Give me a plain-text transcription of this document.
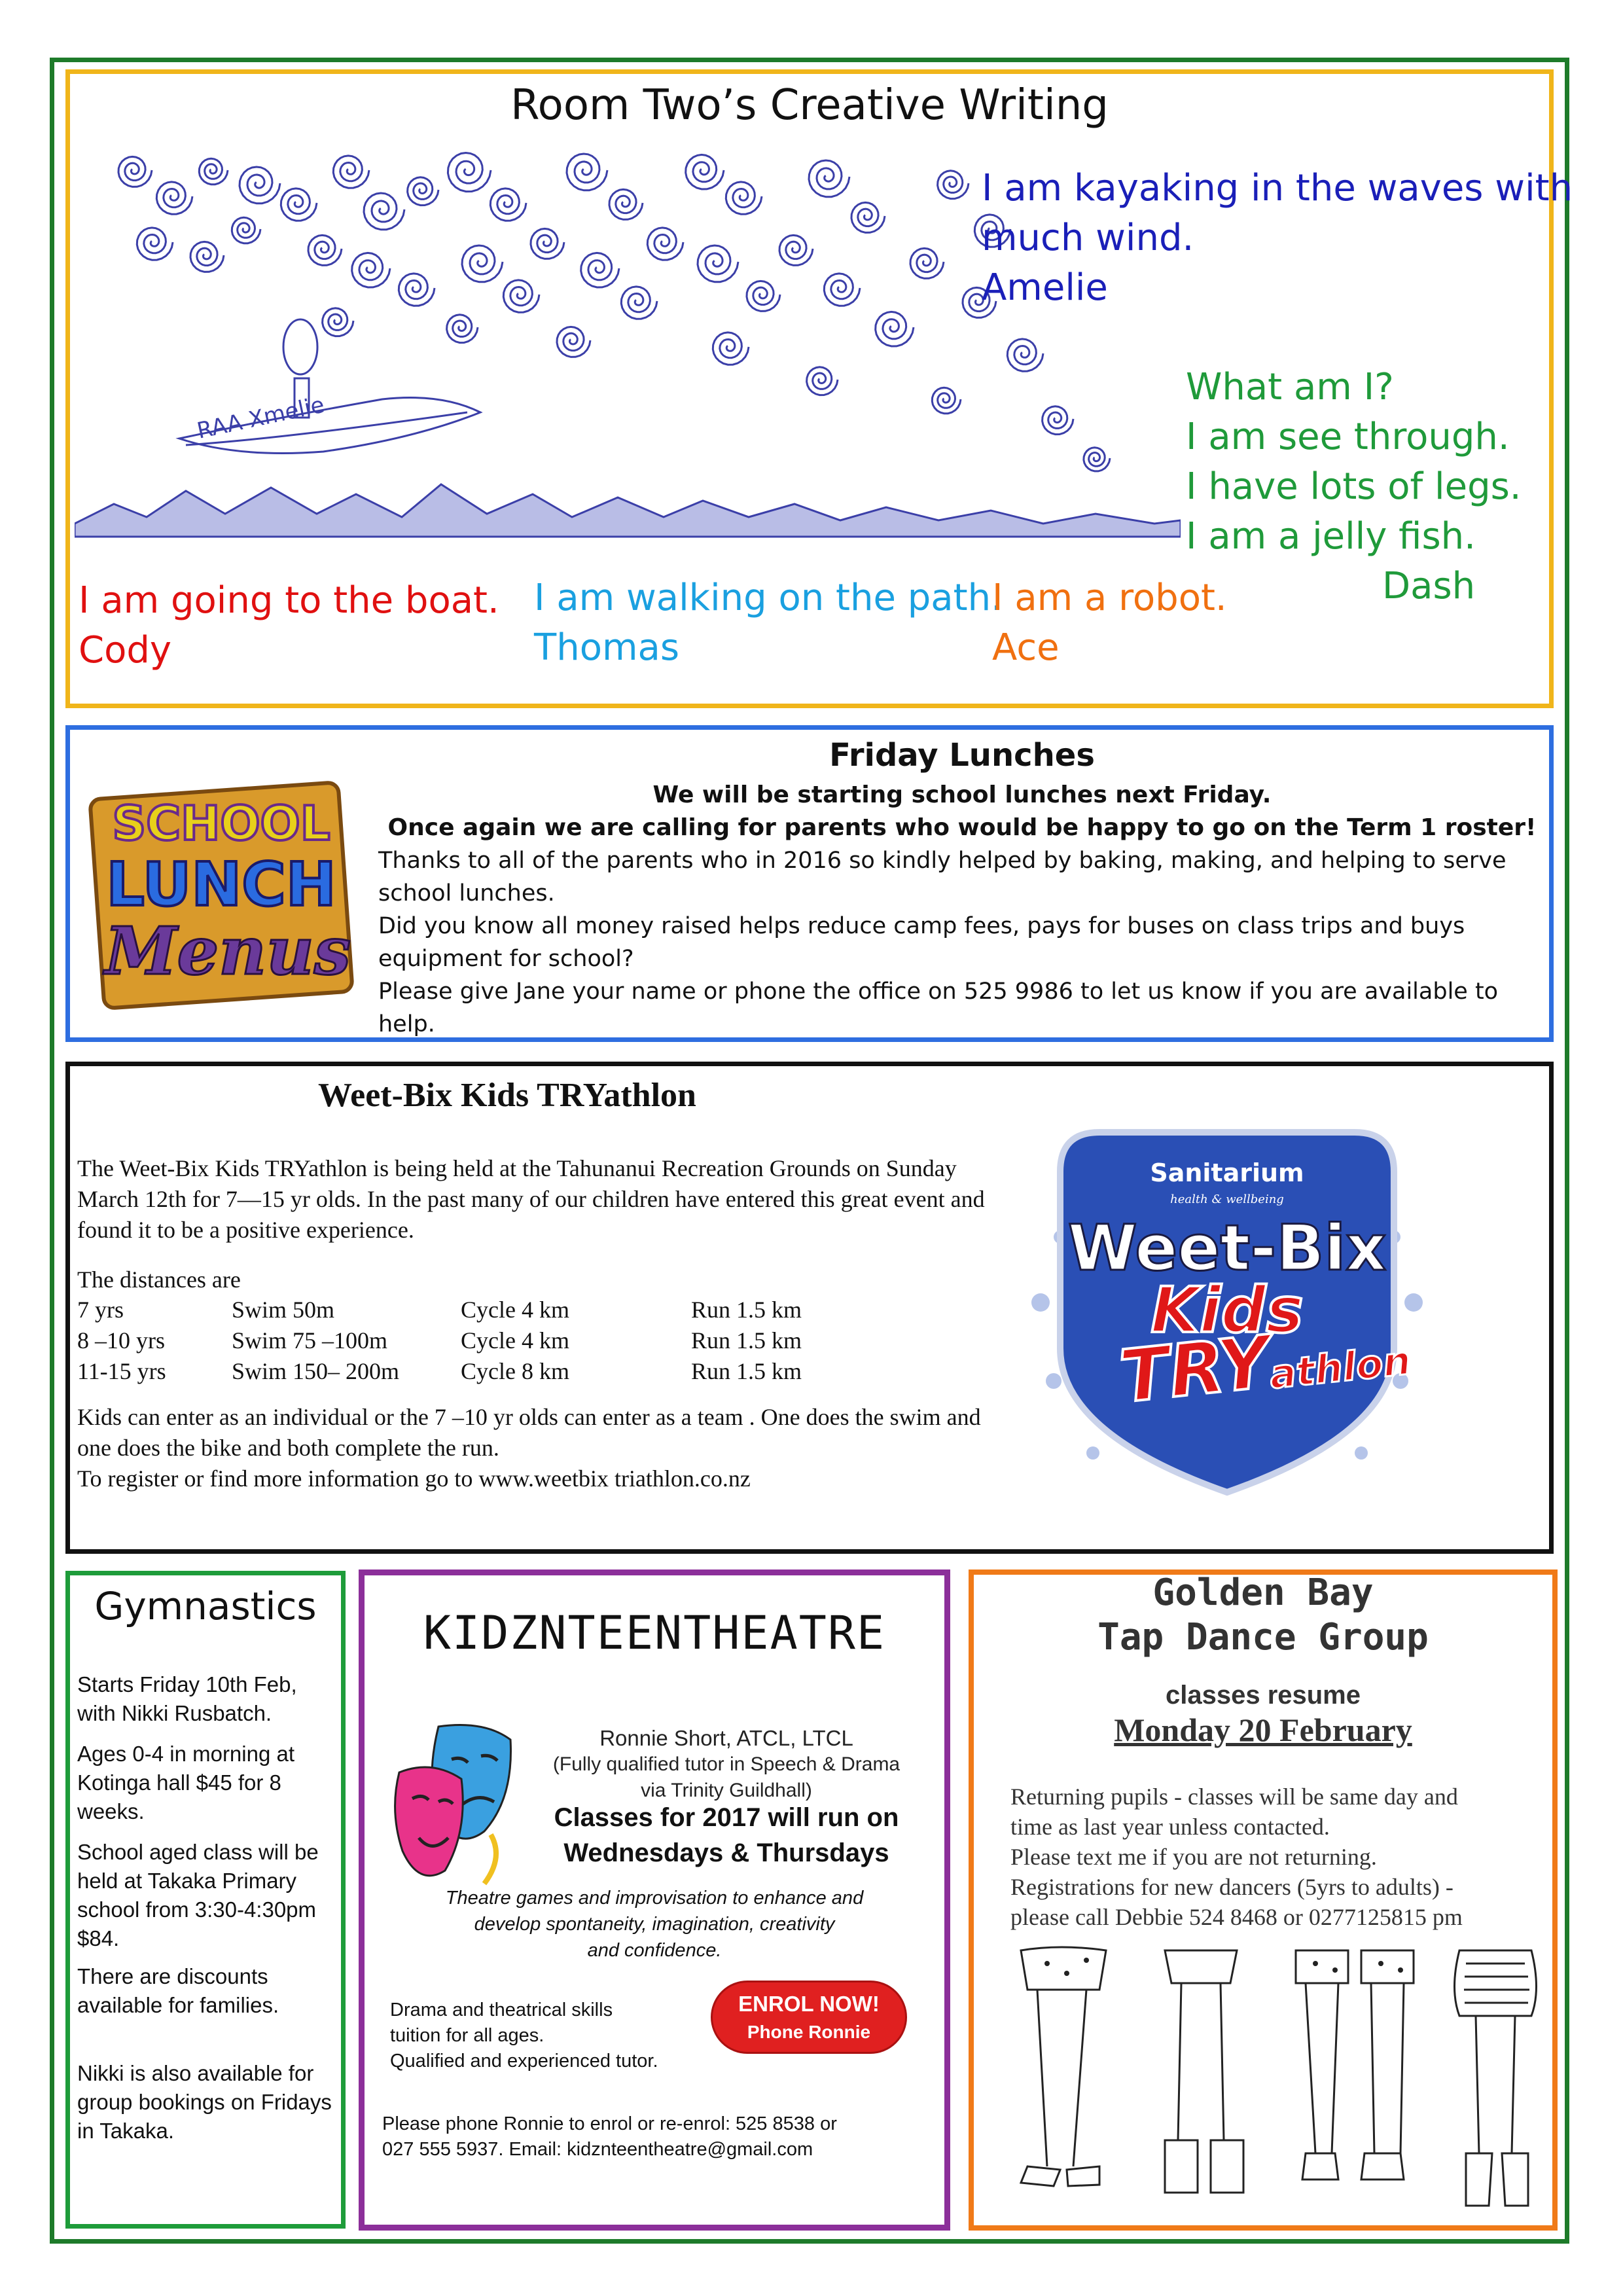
Room Two’s Creative Writing
RAA Xmelie
I am kayaking in the waves with
much wind.
Amelie
What am I?
I am see through.
I have lots of legs.
I am a jelly fish.
Dash
I am going to the boat.
Cody
I am walking on the path.
Thomas
I am a robot.
Ace
SCHOOL
LUNCH
Menus
Friday Lunches
We will be starting school lunches next Friday.
Once again we are calling for parents who would be happy to go on the Term 1 roster!

Thanks to all of the parents who in 2016 so kindly helped by baking, making, and helping to serve school lunches.

Did you know all money raised helps reduce camp fees, pays for buses on class trips and buys equipment for school?

Please give Jane your name or phone the office on 525 9986 to let us know if you are available to help.

Weet-Bix Kids TRYathlon
The Weet-Bix Kids TRYathlon is being held at the Tahunanui Recreation Grounds on Sunday March 12th for 7—15 yr olds. In the past many of our children have entered this great event and found it to be a positive experience.
The distances are
7 yrs	Swim 50m	Cycle 4 km	Run 1.5 km
8 –10 yrs	Swim 75 –100m	Cycle 4 km	Run 1.5 km
11-15 yrs	Swim 150– 200m	Cycle 8 km	Run 1.5 km
Kids can enter as an individual or the 7 –10 yr olds can enter as a team . One does the swim and one does the bike and both complete the run.
To register or find more information go to www.weetbix triathlon.co.nz
Sanitarium
health & wellbeing
Weet-Bix
Kids
TRY
athlon
Gymnastics
Starts Friday 10th Feb, with Nikki Rusbatch.
Ages 0-4 in morning at Kotinga hall $45 for 8 weeks.
School aged class will be held at Takaka Primary school from 3:30-4:30pm $84.
There are discounts available for families.
Nikki is also available for group bookings on Fridays in Takaka.
KIDZNTEENTHEATRE
Ronnie Short, ATCL, LTCL
(Fully qualified tutor in Speech & Drama
via Trinity Guildhall)
Classes for 2017 will run on
Wednesdays & Thursdays
Theatre games and improvisation to enhance and
develop spontaneity, imagination, creativity
and confidence.
Drama and theatrical skills
tuition for all ages.
Qualified and experienced tutor.
ENROL NOW!
Phone Ronnie
Please phone Ronnie to enrol or re-enrol: 525 8538 or
027 555 5937. Email: kidznteentheatre@gmail.com
Golden Bay
Tap Dance Group
classes resume
Monday 20 February

Returning pupils - classes will be same day and

time as last year unless contacted.

Please text me if you are not returning.

Registrations for new dancers (5yrs to adults) -

please call Debbie 524 8468 or 0277125815 pm
